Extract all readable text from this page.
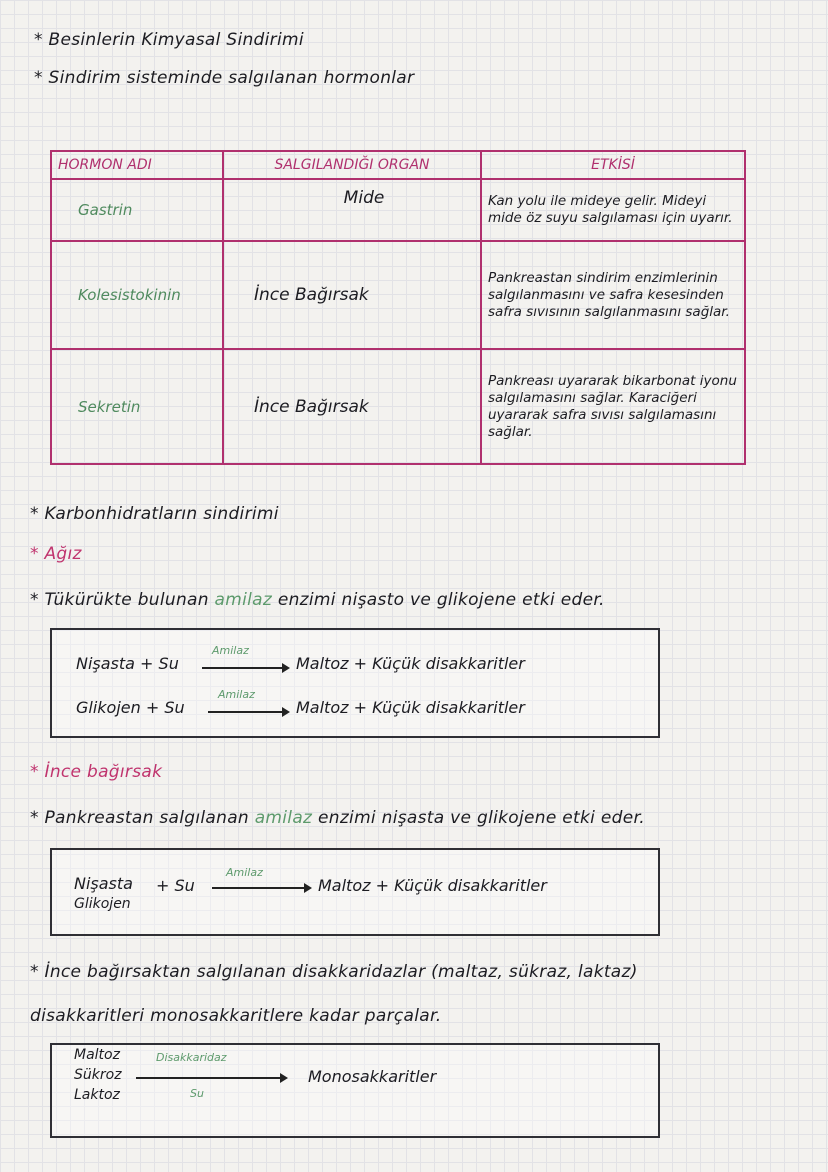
* Besinlerin Kimyasal Sindirimi
* Sindirim sisteminde salgılanan hormonlar
HORMON ADI	SALGILANDIĞI ORGAN	ETKİSİ
Gastrin	Mide	Kan yolu ile mideye gelir. Mideyi mide öz suyu salgılaması için uyarır.
Kolesistokinin	İnce Bağırsak	Pankreastan sindirim enzimlerinin salgılanmasını ve safra kesesinden safra sıvısının salgılanmasını sağlar.
Sekretin	İnce Bağırsak	Pankreası uyararak bikarbonat iyonu salgılamasını sağlar. Karaciğeri uyararak safra sıvısı salgılamasını sağlar.
* Karbonhidratların sindirimi
* Ağız
* Tükürükte bulunan amilaz enzimi nişasto ve glikojene etki eder.
Nişasta + Su
Amilaz
Maltoz + Küçük disakkaritler
Glikojen + Su
Amilaz
Maltoz + Küçük disakkaritler
* İnce bağırsak
* Pankreastan salgılanan amilaz enzimi nişasta ve glikojene etki eder.
Nişasta
Glikojen
+ Su
Amilaz
Maltoz + Küçük disakkaritler
* İnce bağırsaktan salgılanan disakkaridazlar (maltaz, sükraz, laktaz)
disakkaritleri monosakkaritlere kadar parçalar.
Maltoz
Sükroz
Laktoz
Disakkaridaz
Su
Monosakkaritler
